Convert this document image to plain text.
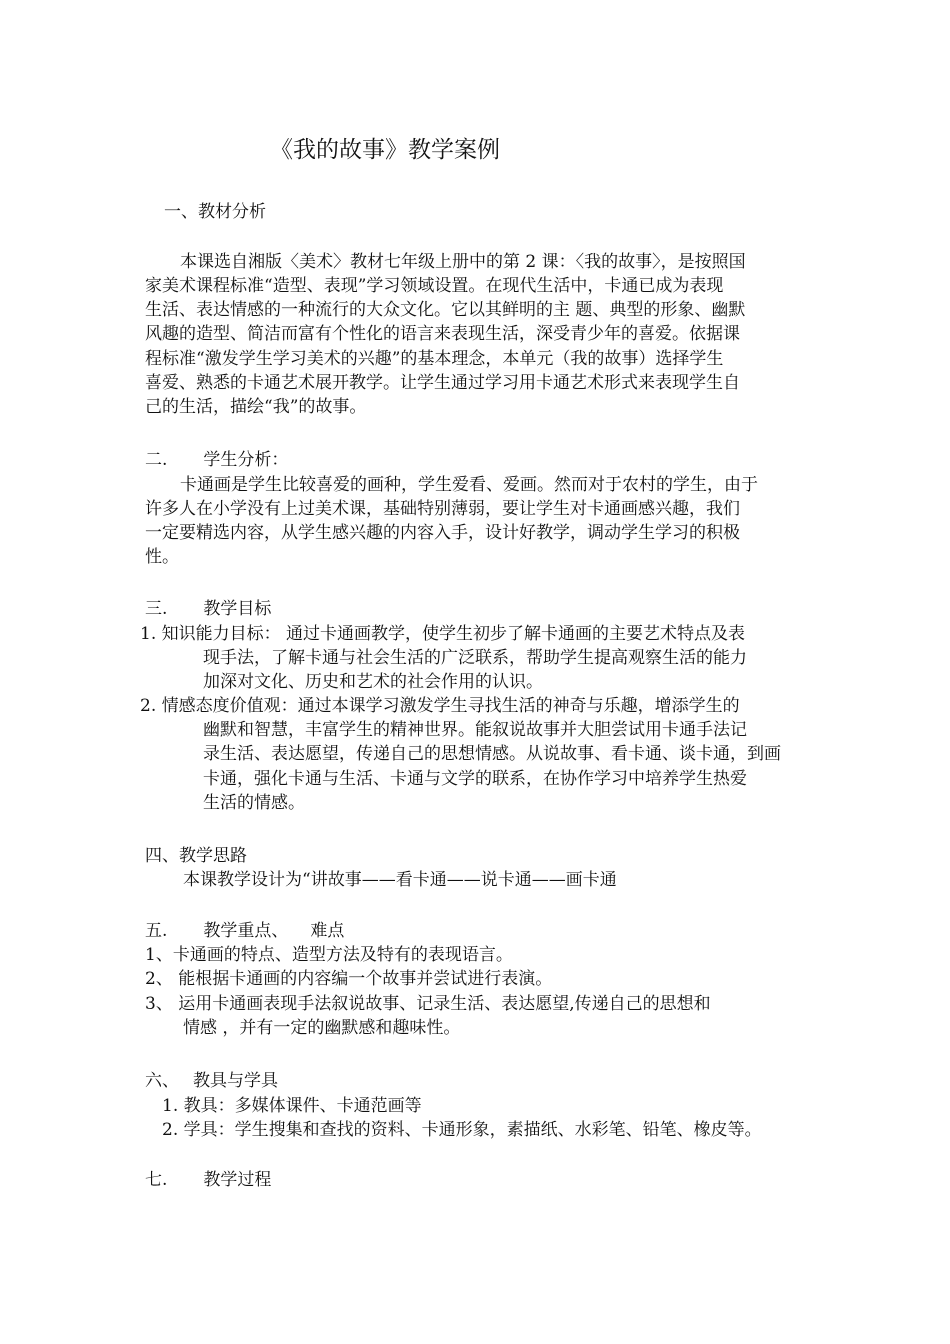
《我的故事》教学案例
一、教材分析
本课选自湘版〈美术〉教材七年级上册中的第 2 课：〈我的故事〉，是按照国
家美术课程标准“造型、表现”学习领域设置。在现代生活中，卡通已成为表现
生活、表达情感的一种流行的大众文化。它以其鲜明的主 题、典型的形象、幽默
风趣的造型、简洁而富有个性化的语言来表现生活，深受青少年的喜爱。依据课
程标准“激发学生学习美术的兴趣”的基本理念，本单元（我的故事）选择学生
喜爱、熟悉的卡通艺术展开教学。让学生通过学习用卡通艺术形式来表现学生自
己的生活，描绘“我”的故事。
二. 学生分析：
卡通画是学生比较喜爱的画种，学生爱看、爱画。然而对于农村的学生，由于
许多人在小学没有上过美术课，基础特别薄弱，要让学生对卡通画感兴趣，我们
一定要精选内容，从学生感兴趣的内容入手，设计好教学，调动学生学习的积极
性。
三. 教学目标
1. 知识能力目标： 通过卡通画教学，使学生初步了解卡通画的主要艺术特点及表
现手法，了解卡通与社会生活的广泛联系，帮助学生提高观察生活的能力
加深对文化、历史和艺术的社会作用的认识。
2. 情感态度价值观：通过本课学习激发学生寻找生活的神奇与乐趣，增添学生的
幽默和智慧，丰富学生的精神世界。能叙说故事并大胆尝试用卡通手法记
录生活、表达愿望，传递自己的思想情感。从说故事、看卡通、谈卡通，到画
卡通，强化卡通与生活、卡通与文学的联系，在协作学习中培养学生热爱
生活的情感。
四、教学思路
本课教学设计为“讲故事——看卡通——说卡通——画卡通
五. 教学重点、 难点
1、卡通画的特点、造型方法及特有的表现语言。
2、 能根据卡通画的内容编一个故事并尝试进行表演。
3、 运用卡通画表现手法叙说故事、记录生活、表达愿望,传递自己的思想和
情感 ，并有一定的幽默感和趣味性。
六、 教具与学具
1. 教具：多媒体课件、卡通范画等
2. 学具：学生搜集和查找的资料、卡通形象，素描纸、水彩笔、铅笔、橡皮等。
七. 教学过程
